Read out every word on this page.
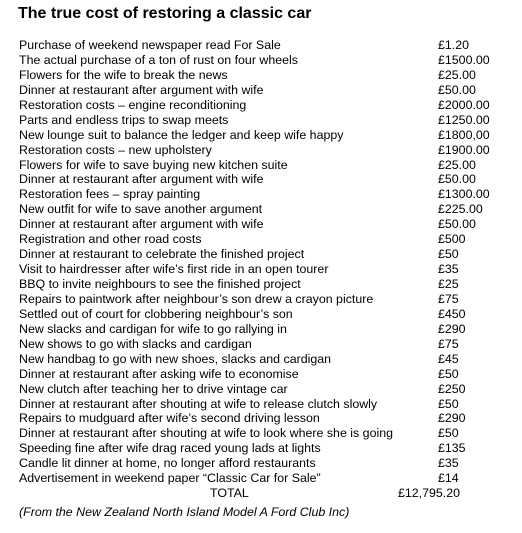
The true cost of restoring a classic car
Purchase of weekend newspaper read For Sale	£1.20
The actual purchase of a ton of rust on four wheels	£1500.00
Flowers for the wife to break the news	£25.00
Dinner at restaurant after argument with wife	£50.00
Restoration costs – engine reconditioning	£2000.00
Parts and endless trips to swap meets	£1250.00
New lounge suit to balance the ledger and keep wife happy	£1800,00
Restoration costs – new upholstery	£1900.00
Flowers for wife to save buying new kitchen suite	£25.00
Dinner at restaurant after argument with wife	£50.00
Restoration fees – spray painting	£1300.00
New outfit for wife to save another argument	£225.00
Dinner at restaurant after argument with wife	£50.00
Registration and other road costs	£500
Dinner at restaurant to celebrate the finished project	£50
Visit to hairdresser after wife’s first ride in an open tourer	£35
BBQ to invite neighbours to see the finished project	£25
Repairs to paintwork after neighbour’s son drew a crayon picture	£75
Settled out of court for clobbering neighbour’s son	£450
New slacks and cardigan for wife to go rallying in	£290
New shows to go with slacks and cardigan	£75
New handbag to go with new shoes, slacks and cardigan	£45
Dinner at restaurant after asking wife to economise	£50
New clutch after teaching her to drive vintage car	£250
Dinner at restaurant after shouting at wife to release clutch slowly	£50
Repairs to mudguard after wife’s second driving lesson	£290
Dinner at restaurant after shouting at wife to look where she is going	£50
Speeding fine after wife drag raced young lads at lights	£135
Candle lit dinner at home, no longer afford restaurants	£35
Advertisement in weekend paper “Classic Car for Sale”	£14
TOTAL	£12,795.20
(From the New Zealand North Island Model A Ford Club Inc)
